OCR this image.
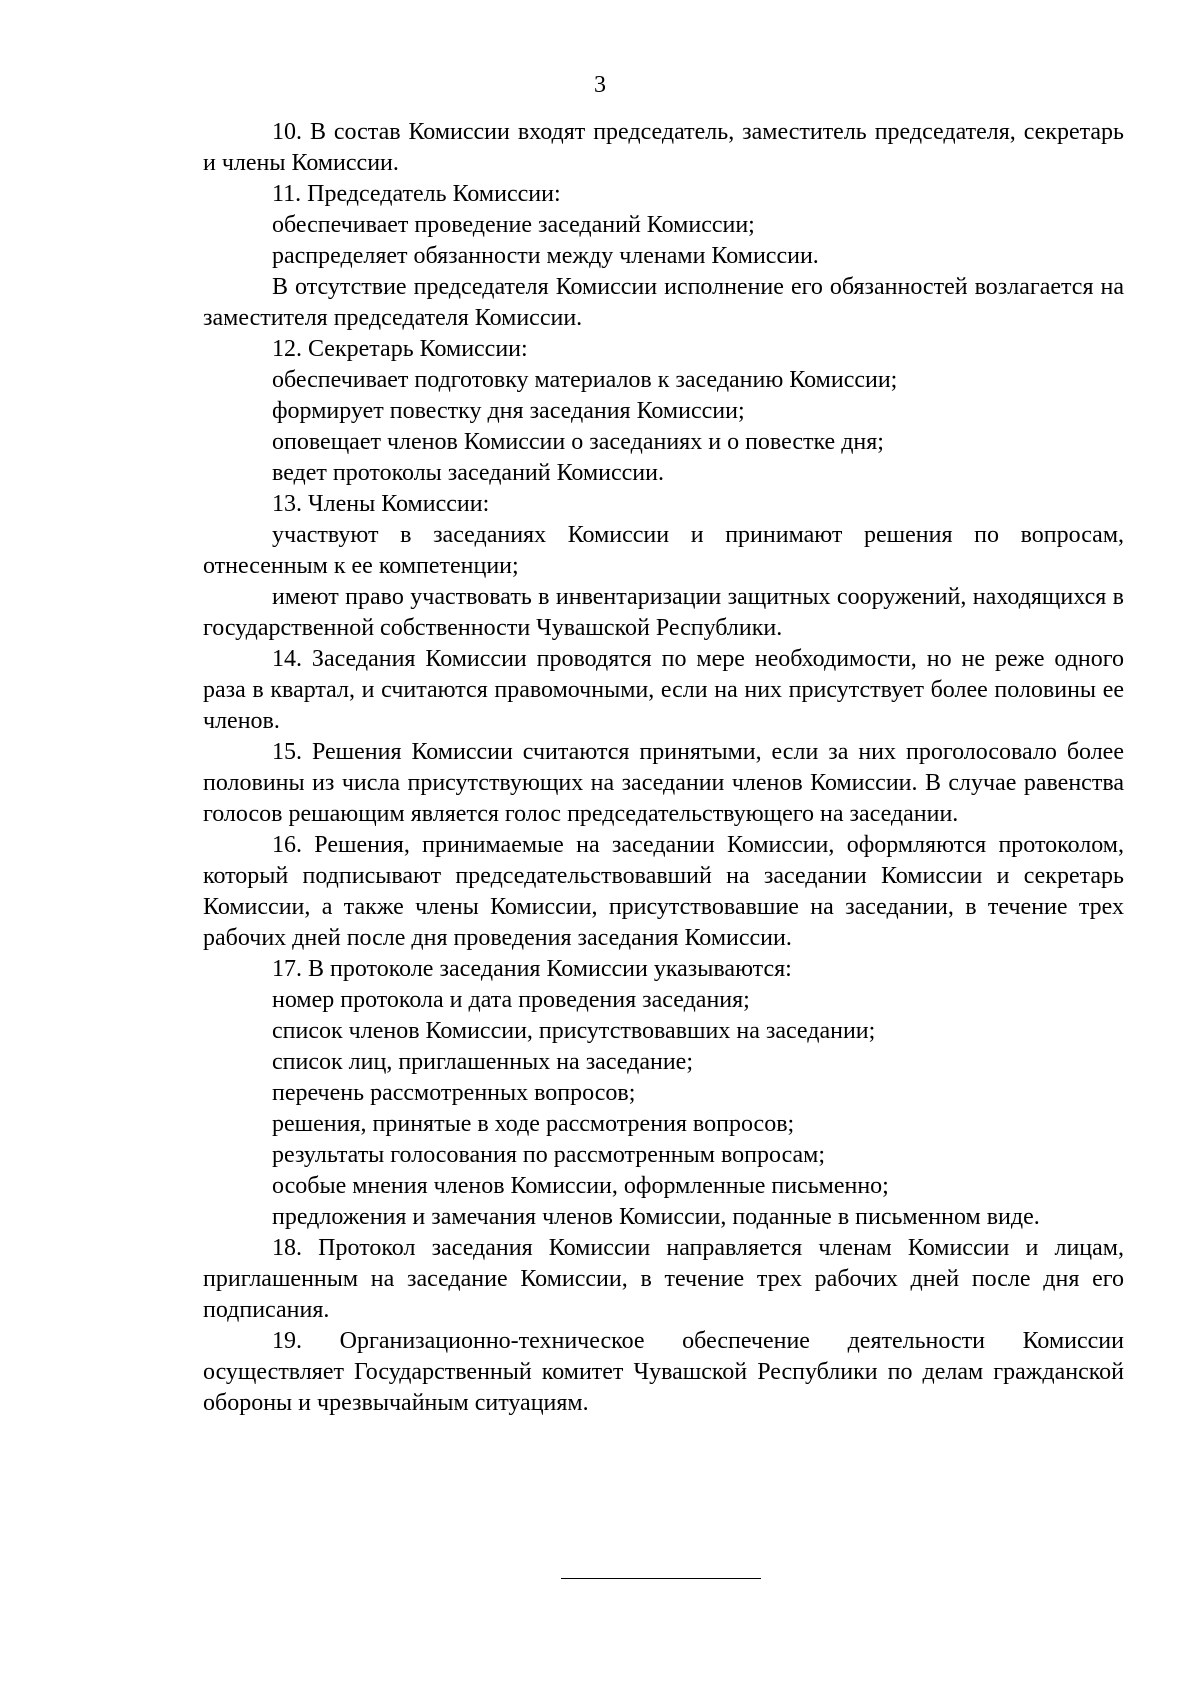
3

10. В состав Комиссии входят председатель, заместитель председателя, секретарь и члены Комиссии.

11. Председатель Комиссии:

обеспечивает проведение заседаний Комиссии;

распределяет обязанности между членами Комиссии.

В отсутствие председателя Комиссии исполнение его обязанностей возлагается на заместителя председателя Комиссии.

12. Секретарь Комиссии:

обеспечивает подготовку материалов к заседанию Комиссии;

формирует повестку дня заседания Комиссии;

оповещает членов Комиссии о заседаниях и о повестке дня;

ведет протоколы заседаний Комиссии.

13. Члены Комиссии:

участвуют в заседаниях Комиссии и принимают решения по вопросам, отнесенным к ее компетенции;

имеют право участвовать в инвентаризации защитных сооружений, находящихся в государственной собственности Чувашской Республики.

14. Заседания Комиссии проводятся по мере необходимости, но не реже одного раза в квартал, и считаются правомочными, если на них присутствует более половины ее членов.

15. Решения Комиссии считаются принятыми, если за них проголосовало более половины из числа присутствующих на заседании членов Комиссии. В случае равенства голосов решающим является голос председательствующего на заседании.

16. Решения, принимаемые на заседании Комиссии, оформляются протоколом, который подписывают председательствовавший на заседании Комиссии и секретарь Комиссии, а также члены Комиссии, присутствовавшие на заседании, в течение трех рабочих дней после дня проведения заседания Комиссии.

17. В протоколе заседания Комиссии указываются:

номер протокола и дата проведения заседания;

список членов Комиссии, присутствовавших на заседании;

список лиц, приглашенных на заседание;

перечень рассмотренных вопросов;

решения, принятые в ходе рассмотрения вопросов;

результаты голосования по рассмотренным вопросам;

особые мнения членов Комиссии, оформленные письменно;

предложения и замечания членов Комиссии, поданные в письменном виде.

18. Протокол заседания Комиссии направляется членам Комиссии и лицам, приглашенным на заседание Комиссии, в течение трех рабочих дней после дня его подписания.

19. Организационно-техническое обеспечение деятельности Комиссии осуществляет Государственный комитет Чувашской Республики по делам гражданской обороны и чрезвычайным ситуациям.
